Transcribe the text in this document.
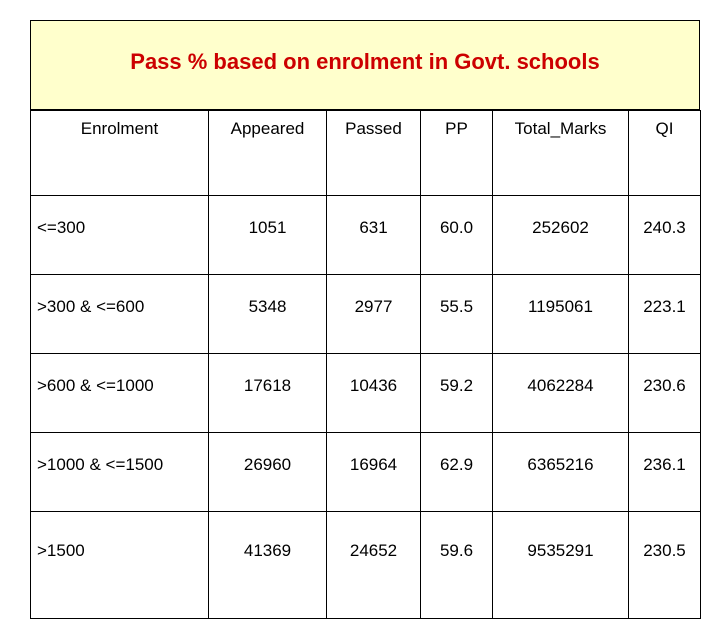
Pass % based on enrolment in Govt. schools
Enrolment	Appeared	Passed	PP	Total_Marks	QI
<=300	1051	631	60.0	252602	240.3
>300 & <=600	5348	2977	55.5	1195061	223.1
>600 & <=1000	17618	10436	59.2	4062284	230.6
>1000 & <=1500	26960	16964	62.9	6365216	236.1
>1500	41369	24652	59.6	9535291	230.5
